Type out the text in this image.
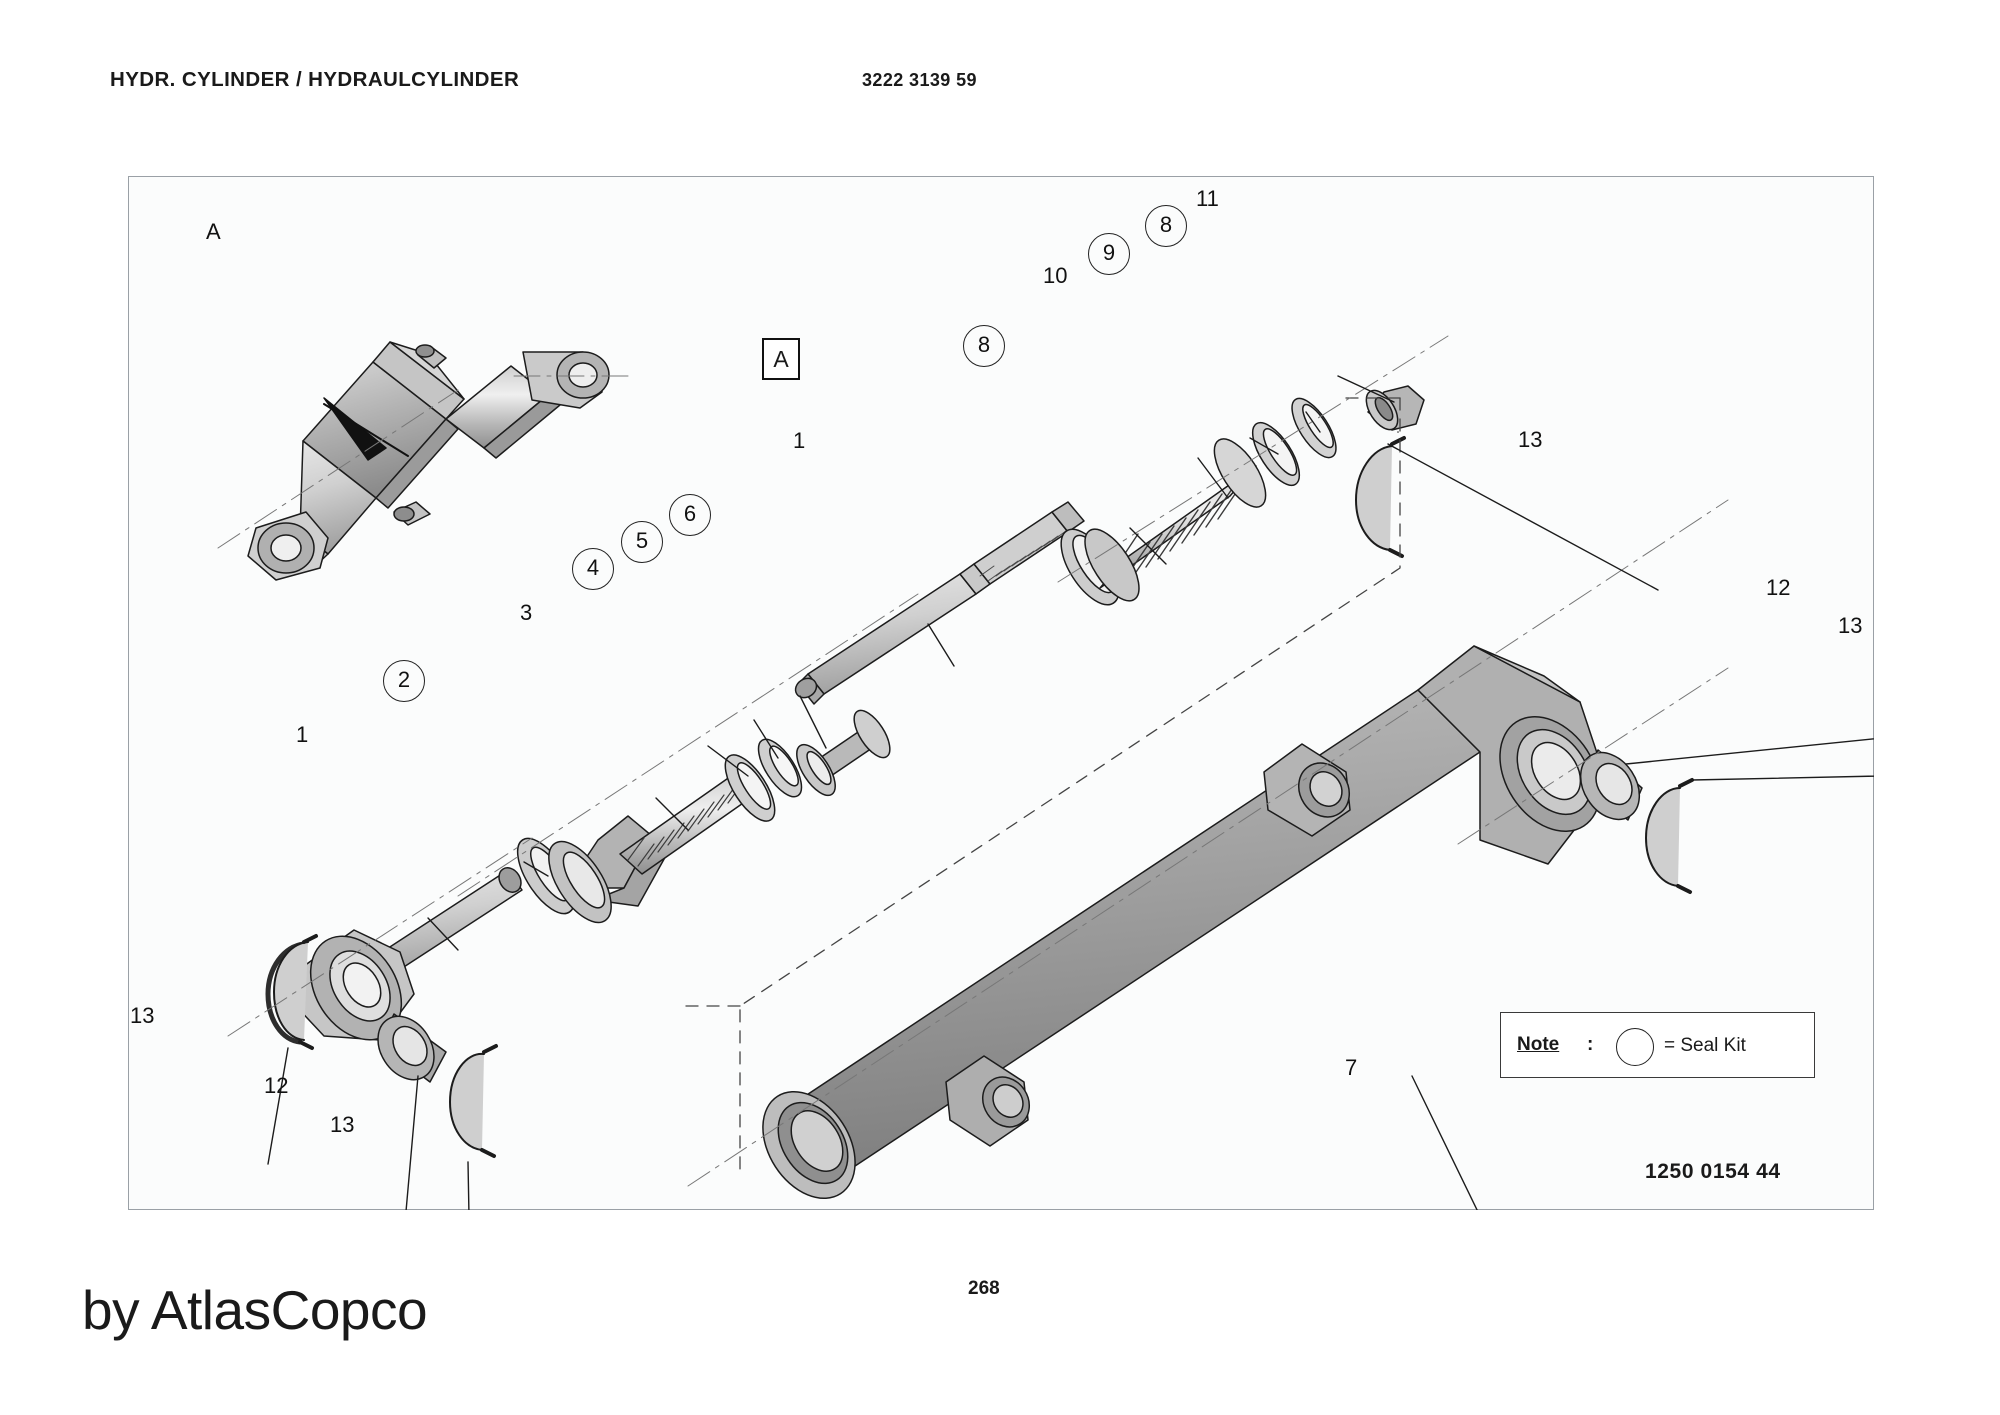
HYDR. CYLINDER / HYDRAULCYLINDER	3222 3139 59
A
A
11
8
9
10
8
1
6
5
4
3
2
1
13
12
13
13
12
13
7
Note :	= Seal Kit
1250 0154 44
by AtlasCopco	268
